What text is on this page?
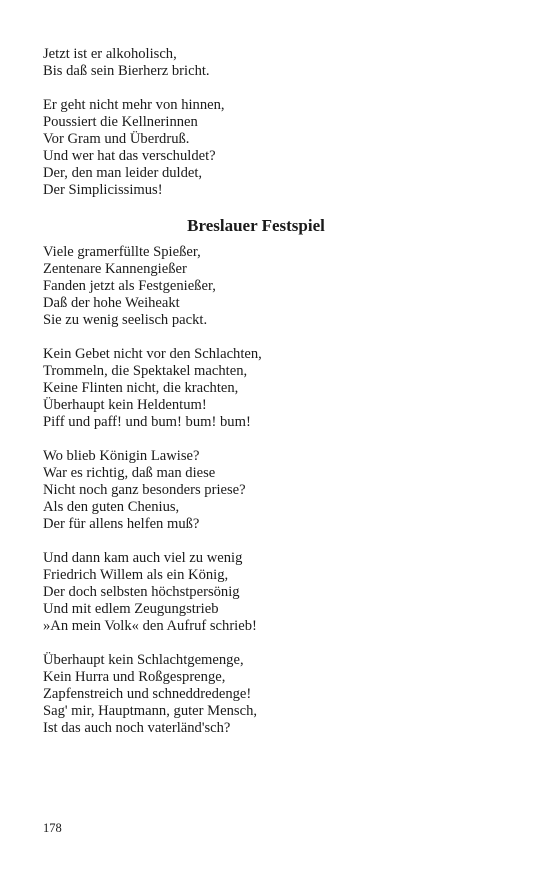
Jetzt ist er alkoholisch,
Bis daß sein Bierherz bricht.
Er geht nicht mehr von hinnen,
Poussiert die Kellnerinnen
Vor Gram und Überdruß.
Und wer hat das verschuldet?
Der, den man leider duldet,
Der Simplicissimus!
Breslauer Festspiel
Viele gramerfüllte Spießer,
Zentenare Kannengießer
Fanden jetzt als Festgenießer,
Daß der hohe Weiheakt
Sie zu wenig seelisch packt.
Kein Gebet nicht vor den Schlachten,
Trommeln, die Spektakel machten,
Keine Flinten nicht, die krachten,
Überhaupt kein Heldentum!
Piff und paff! und bum! bum! bum!
Wo blieb Königin Lawise?
War es richtig, daß man diese
Nicht noch ganz besonders priese?
Als den guten Chenius,
Der für allens helfen muß?
Und dann kam auch viel zu wenig
Friedrich Willem als ein König,
Der doch selbsten höchstpersönig
Und mit edlem Zeugungstrieb
»An mein Volk« den Aufruf schrieb!
Überhaupt kein Schlachtgemenge,
Kein Hurra und Roßgesprenge,
Zapfenstreich und schneddredenge!
Sag' mir, Hauptmann, guter Mensch,
Ist das auch noch vaterländ'sch?
178
